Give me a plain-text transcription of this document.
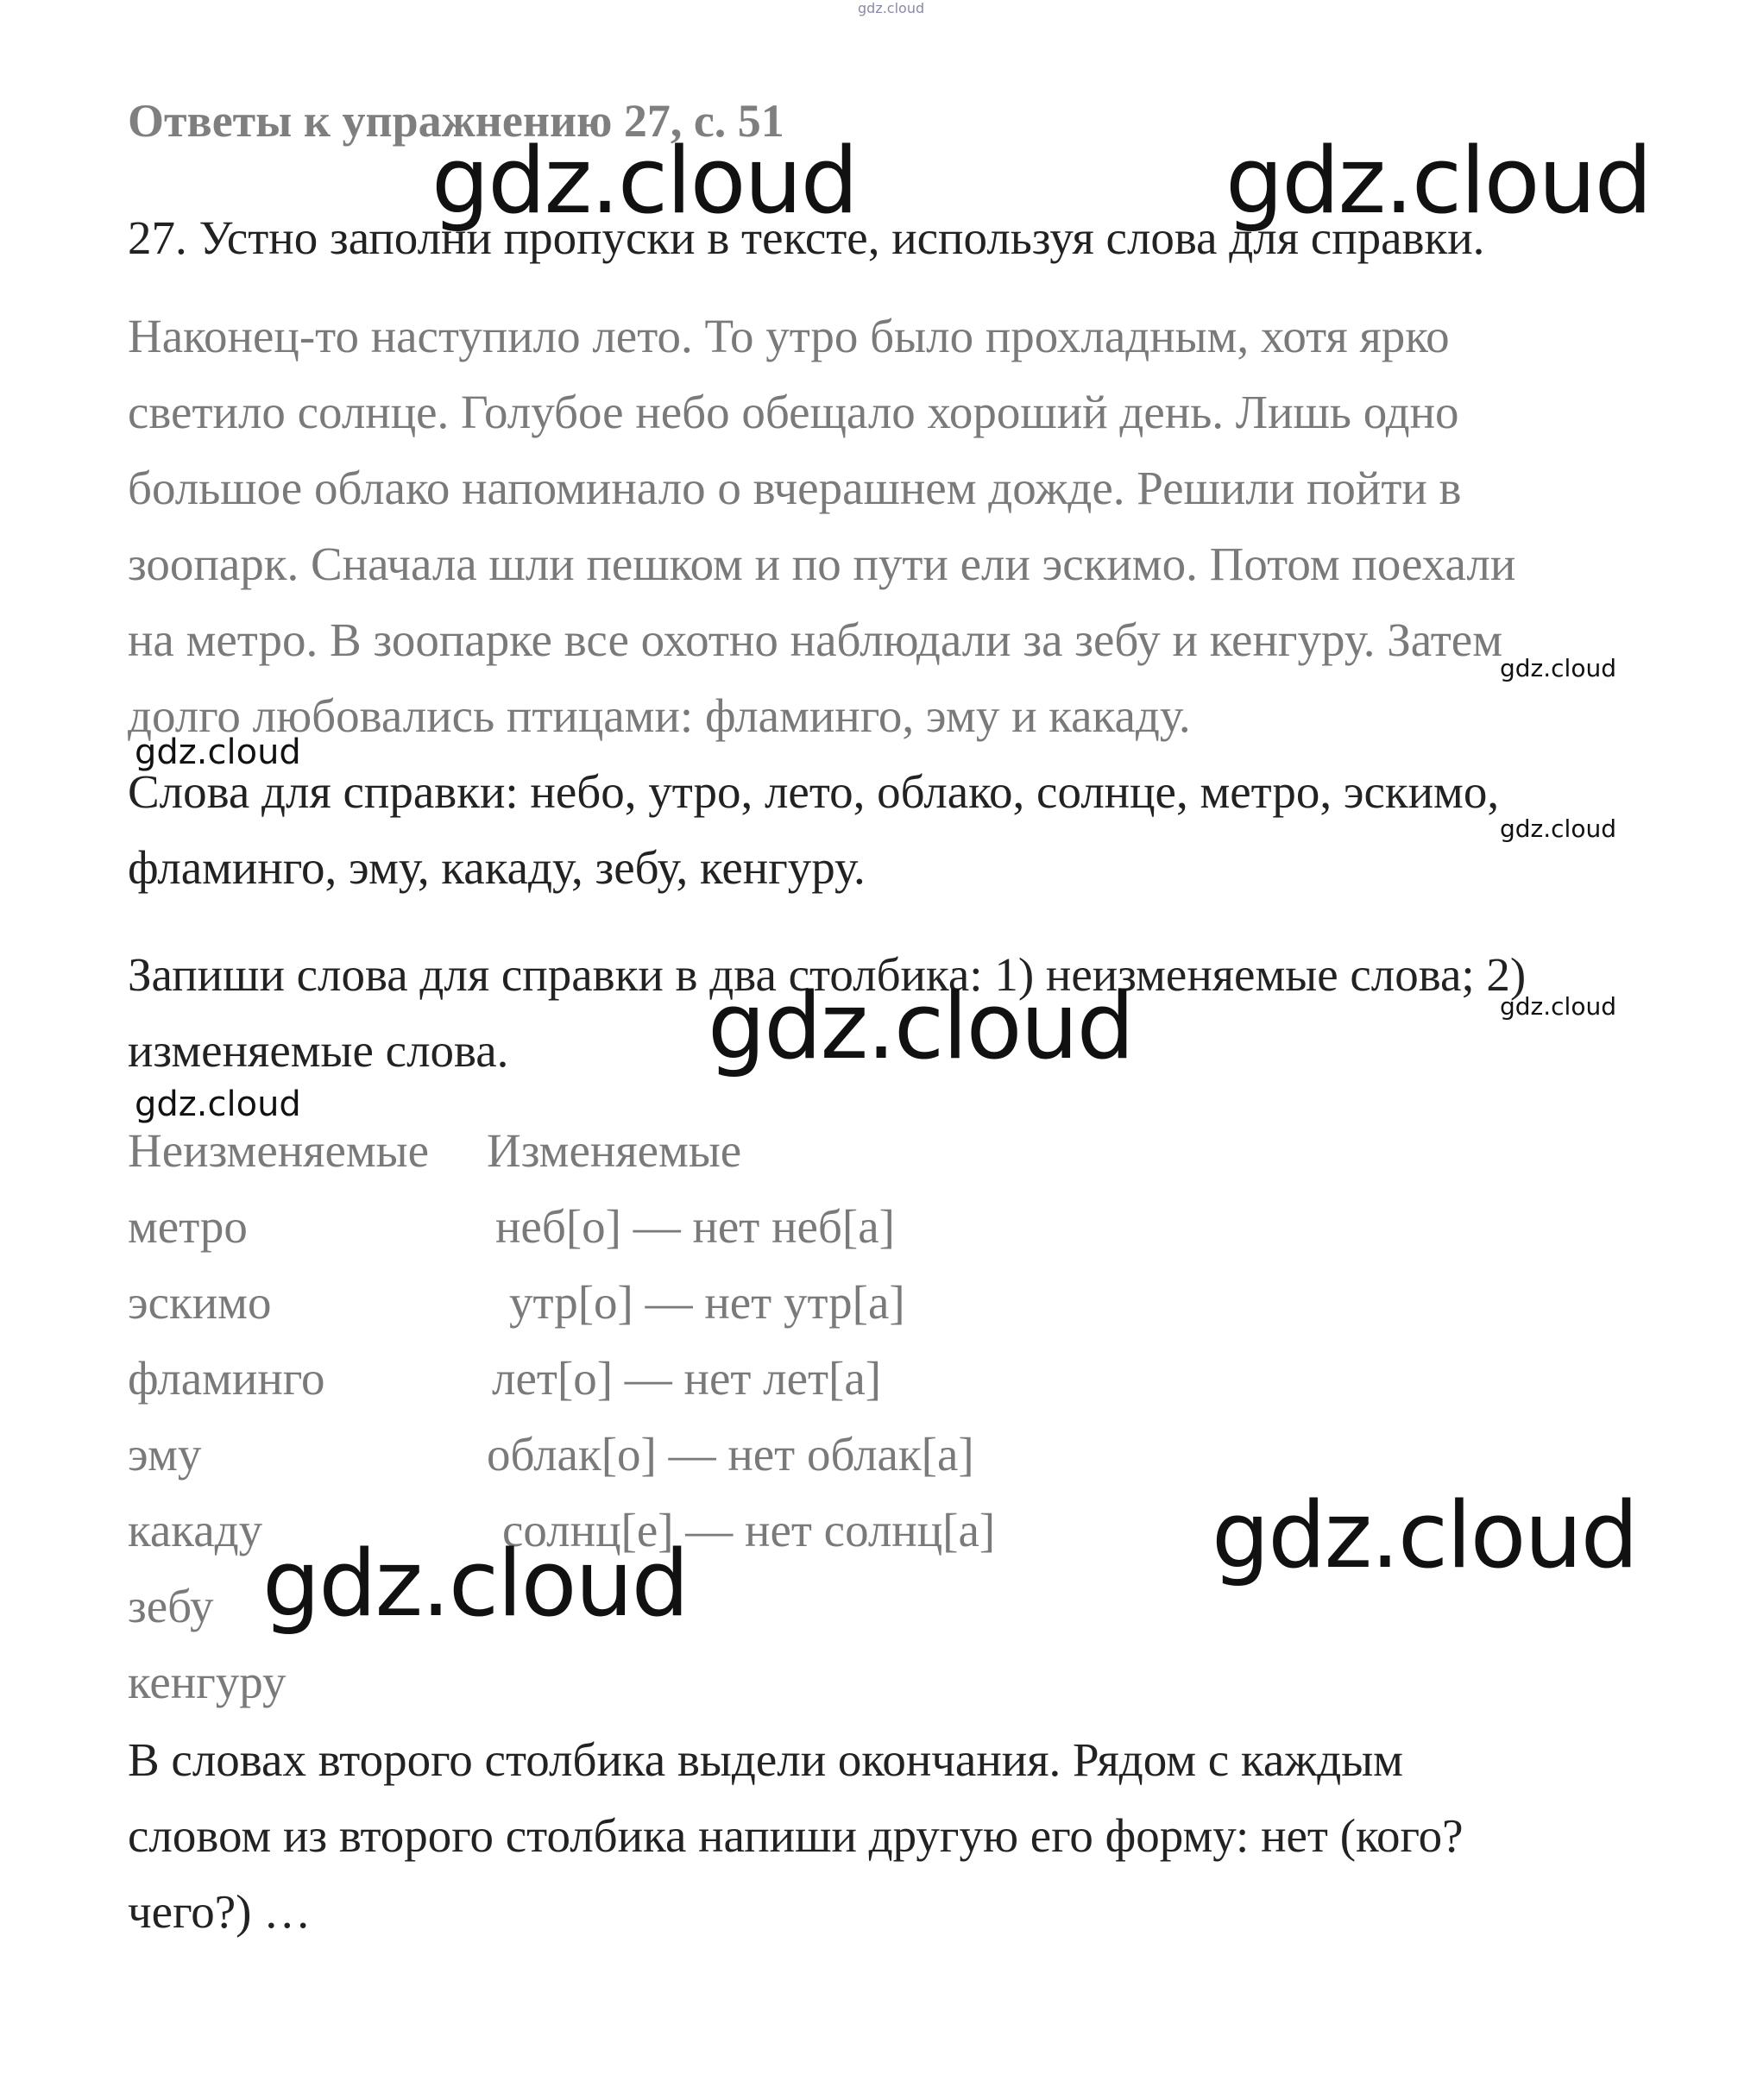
gdz.cloud
Ответы к упражнению 27, с. 51
27. Устно заполни пропуски в тексте, используя слова для справки.
Наконец-то наступило лето. То утро было прохладным, хотя ярко
светило солнце. Голубое небо обещало хороший день. Лишь одно
большое облако напоминало о вчерашнем дожде. Решили пойти в
зоопарк. Сначала шли пешком и по пути ели эскимо. Потом поехали
на метро. В зоопарке все охотно наблюдали за зебу и кенгуру. Затем
долго любовались птицами: фламинго, эму и какаду.
Слова для справки: небо, утро, лето, облако, солнце, метро, эскимо,
фламинго, эму, какаду, зебу, кенгуру.
Запиши слова для справки в два столбика: 1) неизменяемые слова; 2)
изменяемые слова.
Неизменяемые Изменяемые
метро
эскимо
фламинго
эму
какаду
зебу
кенгуру
неб[о] — нет неб[а]
утр[о] — нет утр[а]
лет[о] — нет лет[а]
облак[о] — нет облак[а]
солнц[е] — нет солнц[а]
В словах второго столбика выдели окончания. Рядом с каждым
словом из второго столбика напиши другую его форму: нет (кого?
чего?) …
gdz.cloud	gdz.cloud
gdz.cloud
gdz.cloud
gdz.cloud
gdz.cloud
gdz.cloud
gdz.cloud
gdz.cloud
gdz.cloud
